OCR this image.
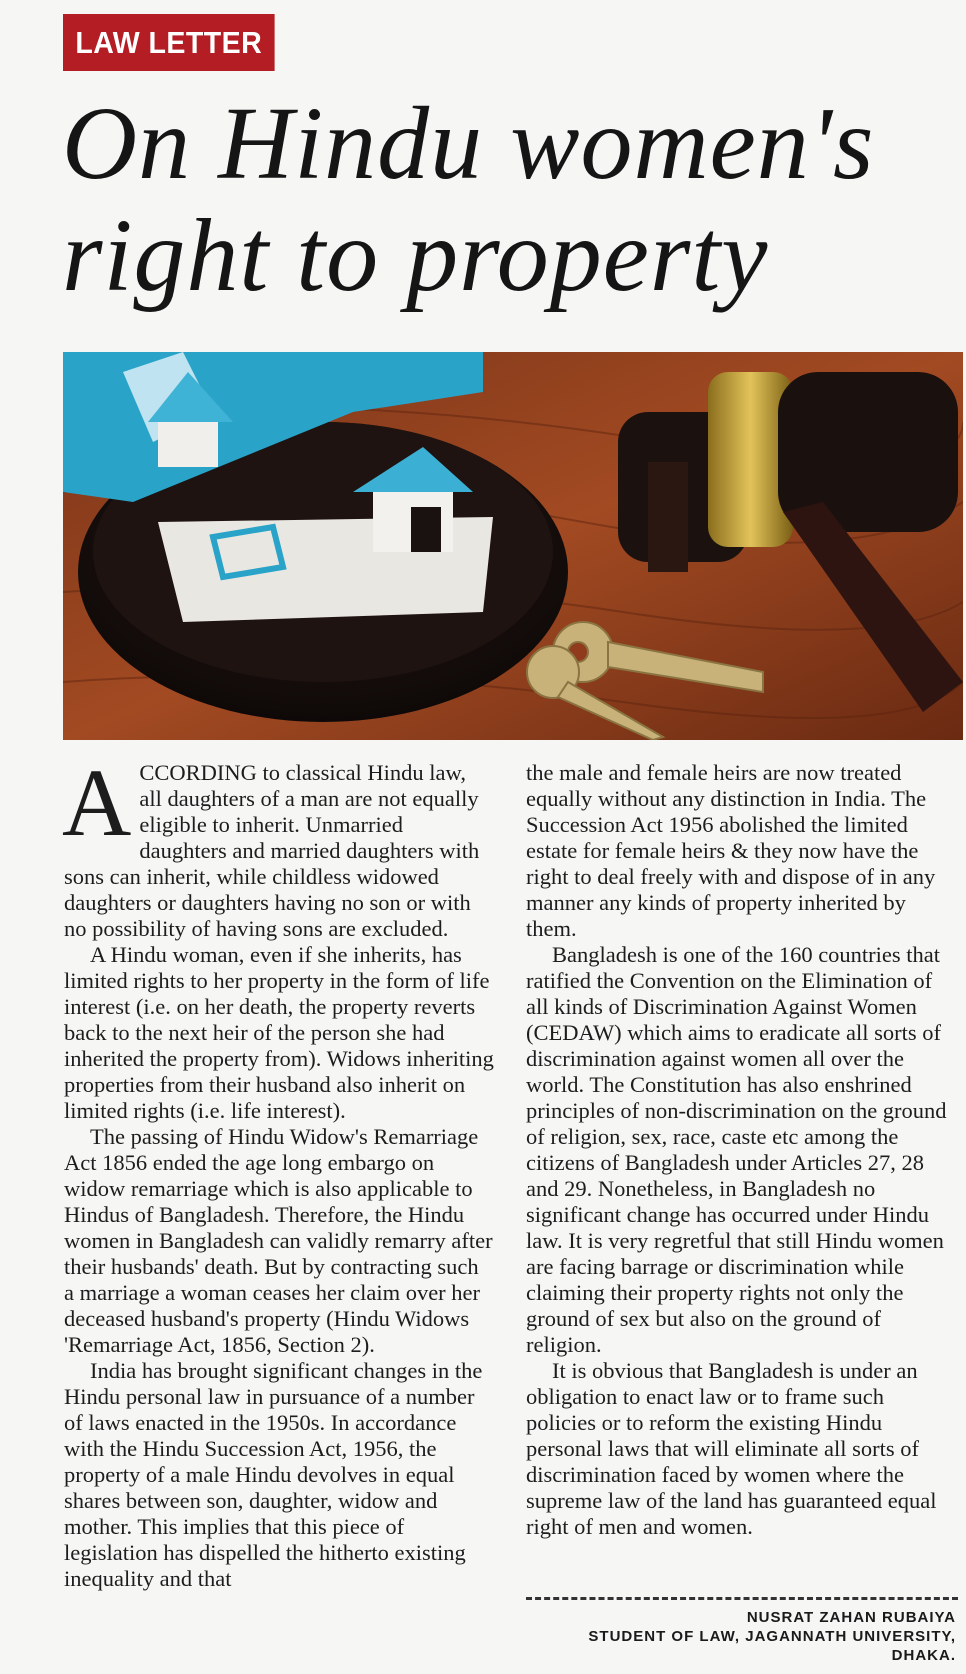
LAW LETTER
On Hindu women's
right to property

ACCORDING to classical Hindu law, all daughters of a man are not equally eligible to inherit. Unmarried daughters and married daughters with sons can inherit, while childless widowed daughters or daughters having no son or with no possibility of having sons are excluded.

A Hindu woman, even if she inherits, has limited rights to her property in the form of life interest (i.e. on her death, the property reverts back to the next heir of the person she had inherited the property from). Widows inheriting properties from their husband also inherit on limited rights (i.e. life interest).

The passing of Hindu Widow's Remarriage Act 1856 ended the age long embargo on widow remarriage which is also applicable to Hindus of Bangladesh. Therefore, the Hindu women in Bangladesh can validly remarry after their husbands' death. But by contracting such a marriage a woman ceases her claim over her deceased husband's property (Hindu Widows 'Remarriage Act, 1856, Section 2).

India has brought significant changes in the Hindu personal law in pursuance of a number of laws enacted in the 1950s. In accordance with the Hindu Succession Act, 1956, the property of a male Hindu devolves in equal shares between son, daughter, widow and mother. This implies that this piece of legislation has dispelled the hitherto existing inequality and that

the male and female heirs are now treated equally without any distinction in India. The Succession Act 1956 abolished the limited estate for female heirs & they now have the right to deal freely with and dispose of in any manner any kinds of property inherited by them.

Bangladesh is one of the 160 countries that ratified the Convention on the Elimination of all kinds of Discrimination Against Women (CEDAW) which aims to eradicate all sorts of discrimination against women all over the world. The Constitution has also enshrined principles of non-discrimination on the ground of religion, sex, race, caste etc among the citizens of Bangladesh under Articles 27, 28 and 29. Nonetheless, in Bangladesh no significant change has occurred under Hindu law. It is very regretful that still Hindu women are facing barrage or discrimination while claiming their property rights not only the ground of sex but also on the ground of religion.

It is obvious that Bangladesh is under an obligation to enact law or to frame such policies or to reform the existing Hindu personal laws that will eliminate all sorts of discrimination faced by women where the supreme law of the land has guaranteed equal right of men and women.

NUSRAT ZAHAN RUBAIYA
STUDENT OF LAW, JAGANNATH UNIVERSITY,
DHAKA.
